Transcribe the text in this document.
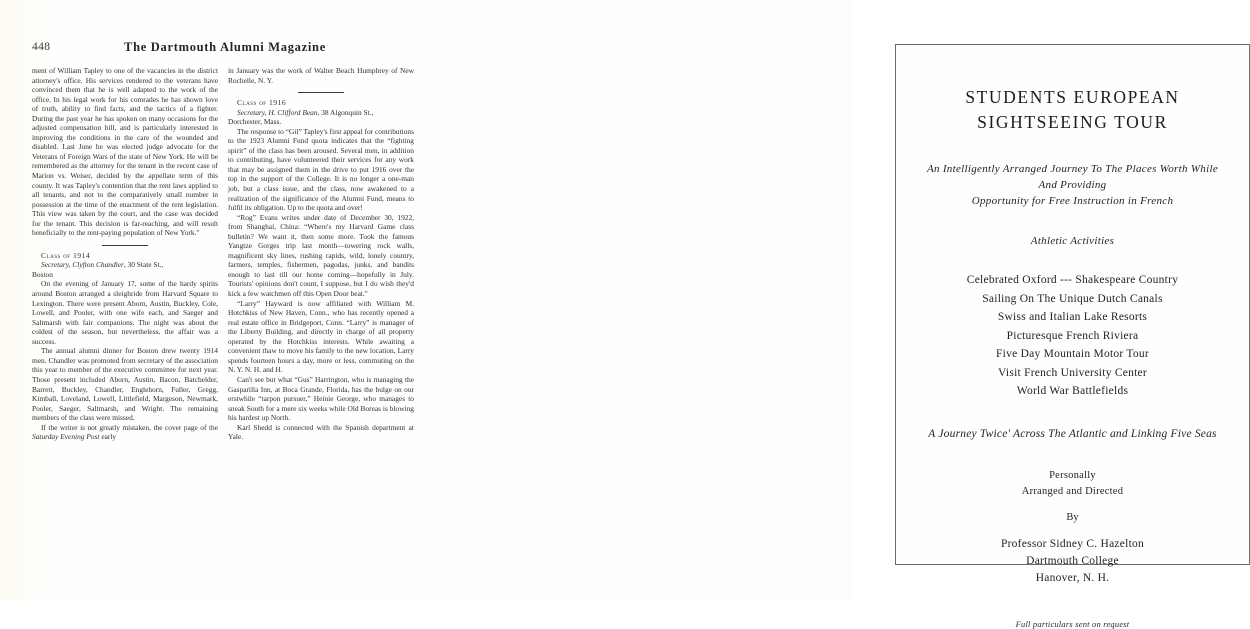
448	The Dartmouth Alumni Magazine

ment of William Tapley to one of the vacancies in the district attorney's office. His services rendered to the veterans have convinced them that he is well adapted to the work of the office. In his legal work for his comrades he has shown love of truth, ability to find facts, and the tactics of a fighter. During the past year he has spoken on many occasions for the adjusted compensation bill, and is particularly interested in improving the conditions in the care of the wounded and disabled. Last June he was elected judge advocate for the Veterans of Foreign Wars of the state of New York. He will be remembered as the attorney for the tenant in the recent case of Marion vs. Weiser, decided by the appellate term of this county. It was Tapley's contention that the rent laws applied to all tenants, and not to the comparatively small number in possession at the time of the enactment of the rent legislation. This view was taken by the court, and the case was decided for the tenant. This decision is far-reaching, and will result beneficially to the rent-paying population of New York."

Class of 1914

Secretary, Clyfton Chandler, 30 State St.,
Boston

On the evening of January 17, some of the hardy spirits around Boston arranged a sleighride from Harvard Square to Lexington. There were present Aborn, Austin, Buckley, Cole, Lowell, and Pooler, with one wife each, and Saeger and Saltmarsh with fair companions. The night was about the coldest of the season, but nevertheless, the affair was a success.

The annual alumni dinner for Boston drew twenty 1914 men. Chandler was promoted from secretary of the association this year to member of the executive committee for next year. Those present included Aborn, Austin, Bacon, Batchelder, Barrett, Buckley, Chandler, Englehorn, Fuller, Gregg, Kimball, Loveland, Lowell, Littlefield, Margeson, Newmark, Pooler, Saeger, Saltmarsh, and Wright. The remaining members of the class were missed.

If the writer is not greatly mistaken, the cover page of the Saturday Evening Post early

in January was the work of Walter Beach Humphrey of New Rochelle, N. Y.

Class of 1916

Secretary, H. Clifford Bean, 38 Algonquin St.,
Dorchester, Mass.

The response to “Gil” Tapley's first appeal for contributions to the 1923 Alumni Fund quota indicates that the “fighting spirit” of the class has been aroused. Several men, in addition to contributing, have volunteered their services for any work that may be assigned them in the drive to put 1916 over the top in the support of the College. It is no longer a one-man job, but a class issue, and the class, now awakened to a realization of the significance of the Alumni Fund, means to fulfil its obligation. Up to the quota and over!

“Rog” Evans writes under date of December 30, 1922, from Shanghai, China: “Where's my Harvard Game class bulletin? We want it, then some more. Took the famous Yangtze Gorges trip last month—towering rock walls, magnificent sky lines, rushing rapids, wild, lonely country, farmers, temples, fishermen, pagodas, junks, and bandits enough to last till our home coming—hopefully in July. Tourists' opinions don't count, I suppose, but I do wish they'd kick a few watchmen off this Open Door beat."

“Larry” Hayward is now affiliated with William M. Hotchkiss of New Haven, Conn., who has recently opened a real estate office in Bridgeport, Conn. “Larry” is manager of the Liberty Building, and directly in charge of all property operated by the Hotchkiss interests. While awaiting a convenient thaw to move his family to the new location, Larry spends fourteen hours a day, more or less, commuting on the N. Y. N. H. and H.

Can't see but what “Gus” Harrington, who is managing the Gasparilla Inn, at Boca Grande, Florida, has the bulge on our erstwhile “tarpon pursuer,” Heinie George, who manages to sneak South for a mere six weeks while Old Boreas is blowing his hardest up North.

Karl Shedd is connected with the Spanish department at Yale.

STUDENTS EUROPEAN
SIGHTSEEING TOUR
An Intelligently Arranged Journey To The Places Worth While
And Providing
Opportunity for Free Instruction in French
Athletic Activities
Celebrated Oxford --- Shakespeare Country
Sailing On The Unique Dutch Canals
Swiss and Italian Lake Resorts
Picturesque French Riviera
Five Day Mountain Motor Tour
Visit French University Center
World War Battlefields
A Journey Twice' Across The Atlantic and Linking Five Seas
Personally
Arranged and Directed
By
Professor Sidney C. Hazelton
Dartmouth College
Hanover, N. H.
Full particulars sent on request
